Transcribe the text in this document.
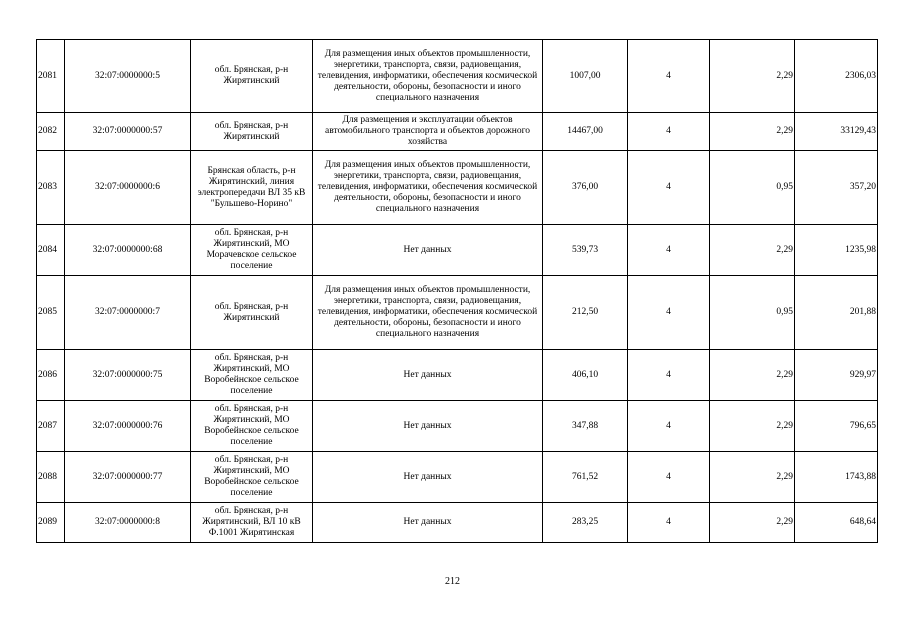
2081	32:07:0000000:5	обл. Брянская, р-н Жирятинский	Для размещения иных объектов промышленности, энергетики, транспорта, связи, радиовещания, телевидения, информатики, обеспечения космической деятельности, обороны, безопасности и иного специального назначения	1007,00	4	2,29	2306,03
2082	32:07:0000000:57	обл. Брянская, р-н Жирятинский	Для размещения и эксплуатации объектов автомобильного транспорта и объектов дорожного хозяйства	14467,00	4	2,29	33129,43
2083	32:07:0000000:6	Брянская область, р-н Жирятинский, линия электропередачи ВЛ 35 кВ "Бульшево-Норино"	Для размещения иных объектов промышленности, энергетики, транспорта, связи, радиовещания, телевидения, информатики, обеспечения космической деятельности, обороны, безопасности и иного специального назначения	376,00	4	0,95	357,20
2084	32:07:0000000:68	обл. Брянская, р-н Жирятинский, МО Морачевское сельское поселение	Нет данных	539,73	4	2,29	1235,98
2085	32:07:0000000:7	обл. Брянская, р-н Жирятинский	Для размещения иных объектов промышленности, энергетики, транспорта, связи, радиовещания, телевидения, информатики, обеспечения космической деятельности, обороны, безопасности и иного специального назначения	212,50	4	0,95	201,88
2086	32:07:0000000:75	обл. Брянская, р-н Жирятинский, МО Воробейнское сельское поселение	Нет данных	406,10	4	2,29	929,97
2087	32:07:0000000:76	обл. Брянская, р-н Жирятинский, МО Воробейнское сельское поселение	Нет данных	347,88	4	2,29	796,65
2088	32:07:0000000:77	обл. Брянская, р-н Жирятинский, МО Воробейнское сельское поселение	Нет данных	761,52	4	2,29	1743,88
2089	32:07:0000000:8	обл. Брянская, р-н Жирятинский, ВЛ 10 кВ Ф.1001 Жирятинская	Нет данных	283,25	4	2,29	648,64
212
